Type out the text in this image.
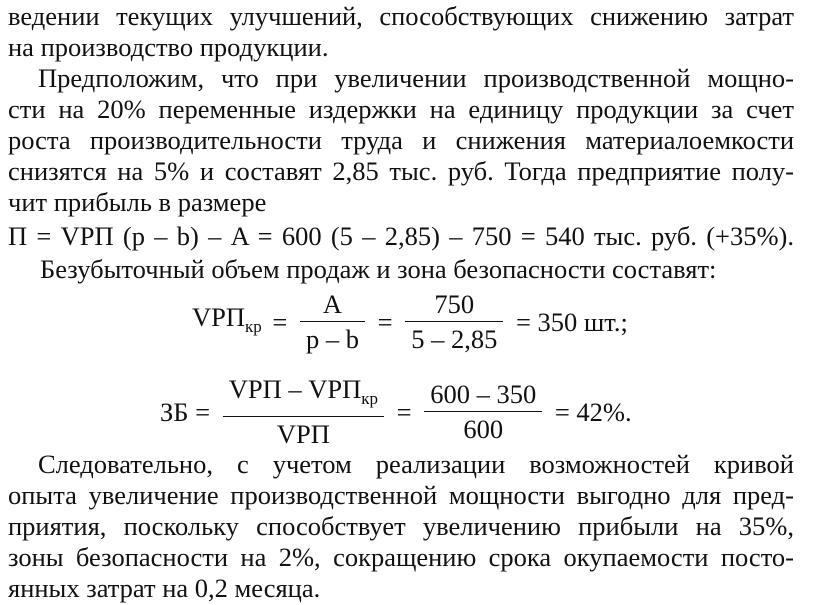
ведении текущих улучшений, способствующих снижению затрат
на производство продукции.
Предположим, что при увеличении производственной мощно-
сти на 20% переменные издержки на единицу продукции за счет
роста производительности труда и снижения материалоемкости
снизятся на 5% и составят 2,85 тыс. руб. Тогда предприятие полу-
чит прибыль в размере
П = VPП (p – b) – A = 600 (5 – 2,85) – 750 = 540 тыс. руб. (+35%).
Безубыточный объем продаж и зона безопасности составят:
$VPП_{кр} = \frac{A}{p - b} = \frac{750}{5 - 2,85} = 350$ шт.;
ЗБ = $\frac{VPП - VPП_{кр}}{\text{VPП}} = \frac{600 - 350}{600} = 42\%$.
Следовательно, с учетом реализации возможностей кривой
опыта увеличение производственной мощности выгодно для пред-
приятия, поскольку способствует увеличению прибыли на 35%,
зоны безопасности на 2%, сокращению срока окупаемости посто-
янных затрат на 0,2 месяца.
